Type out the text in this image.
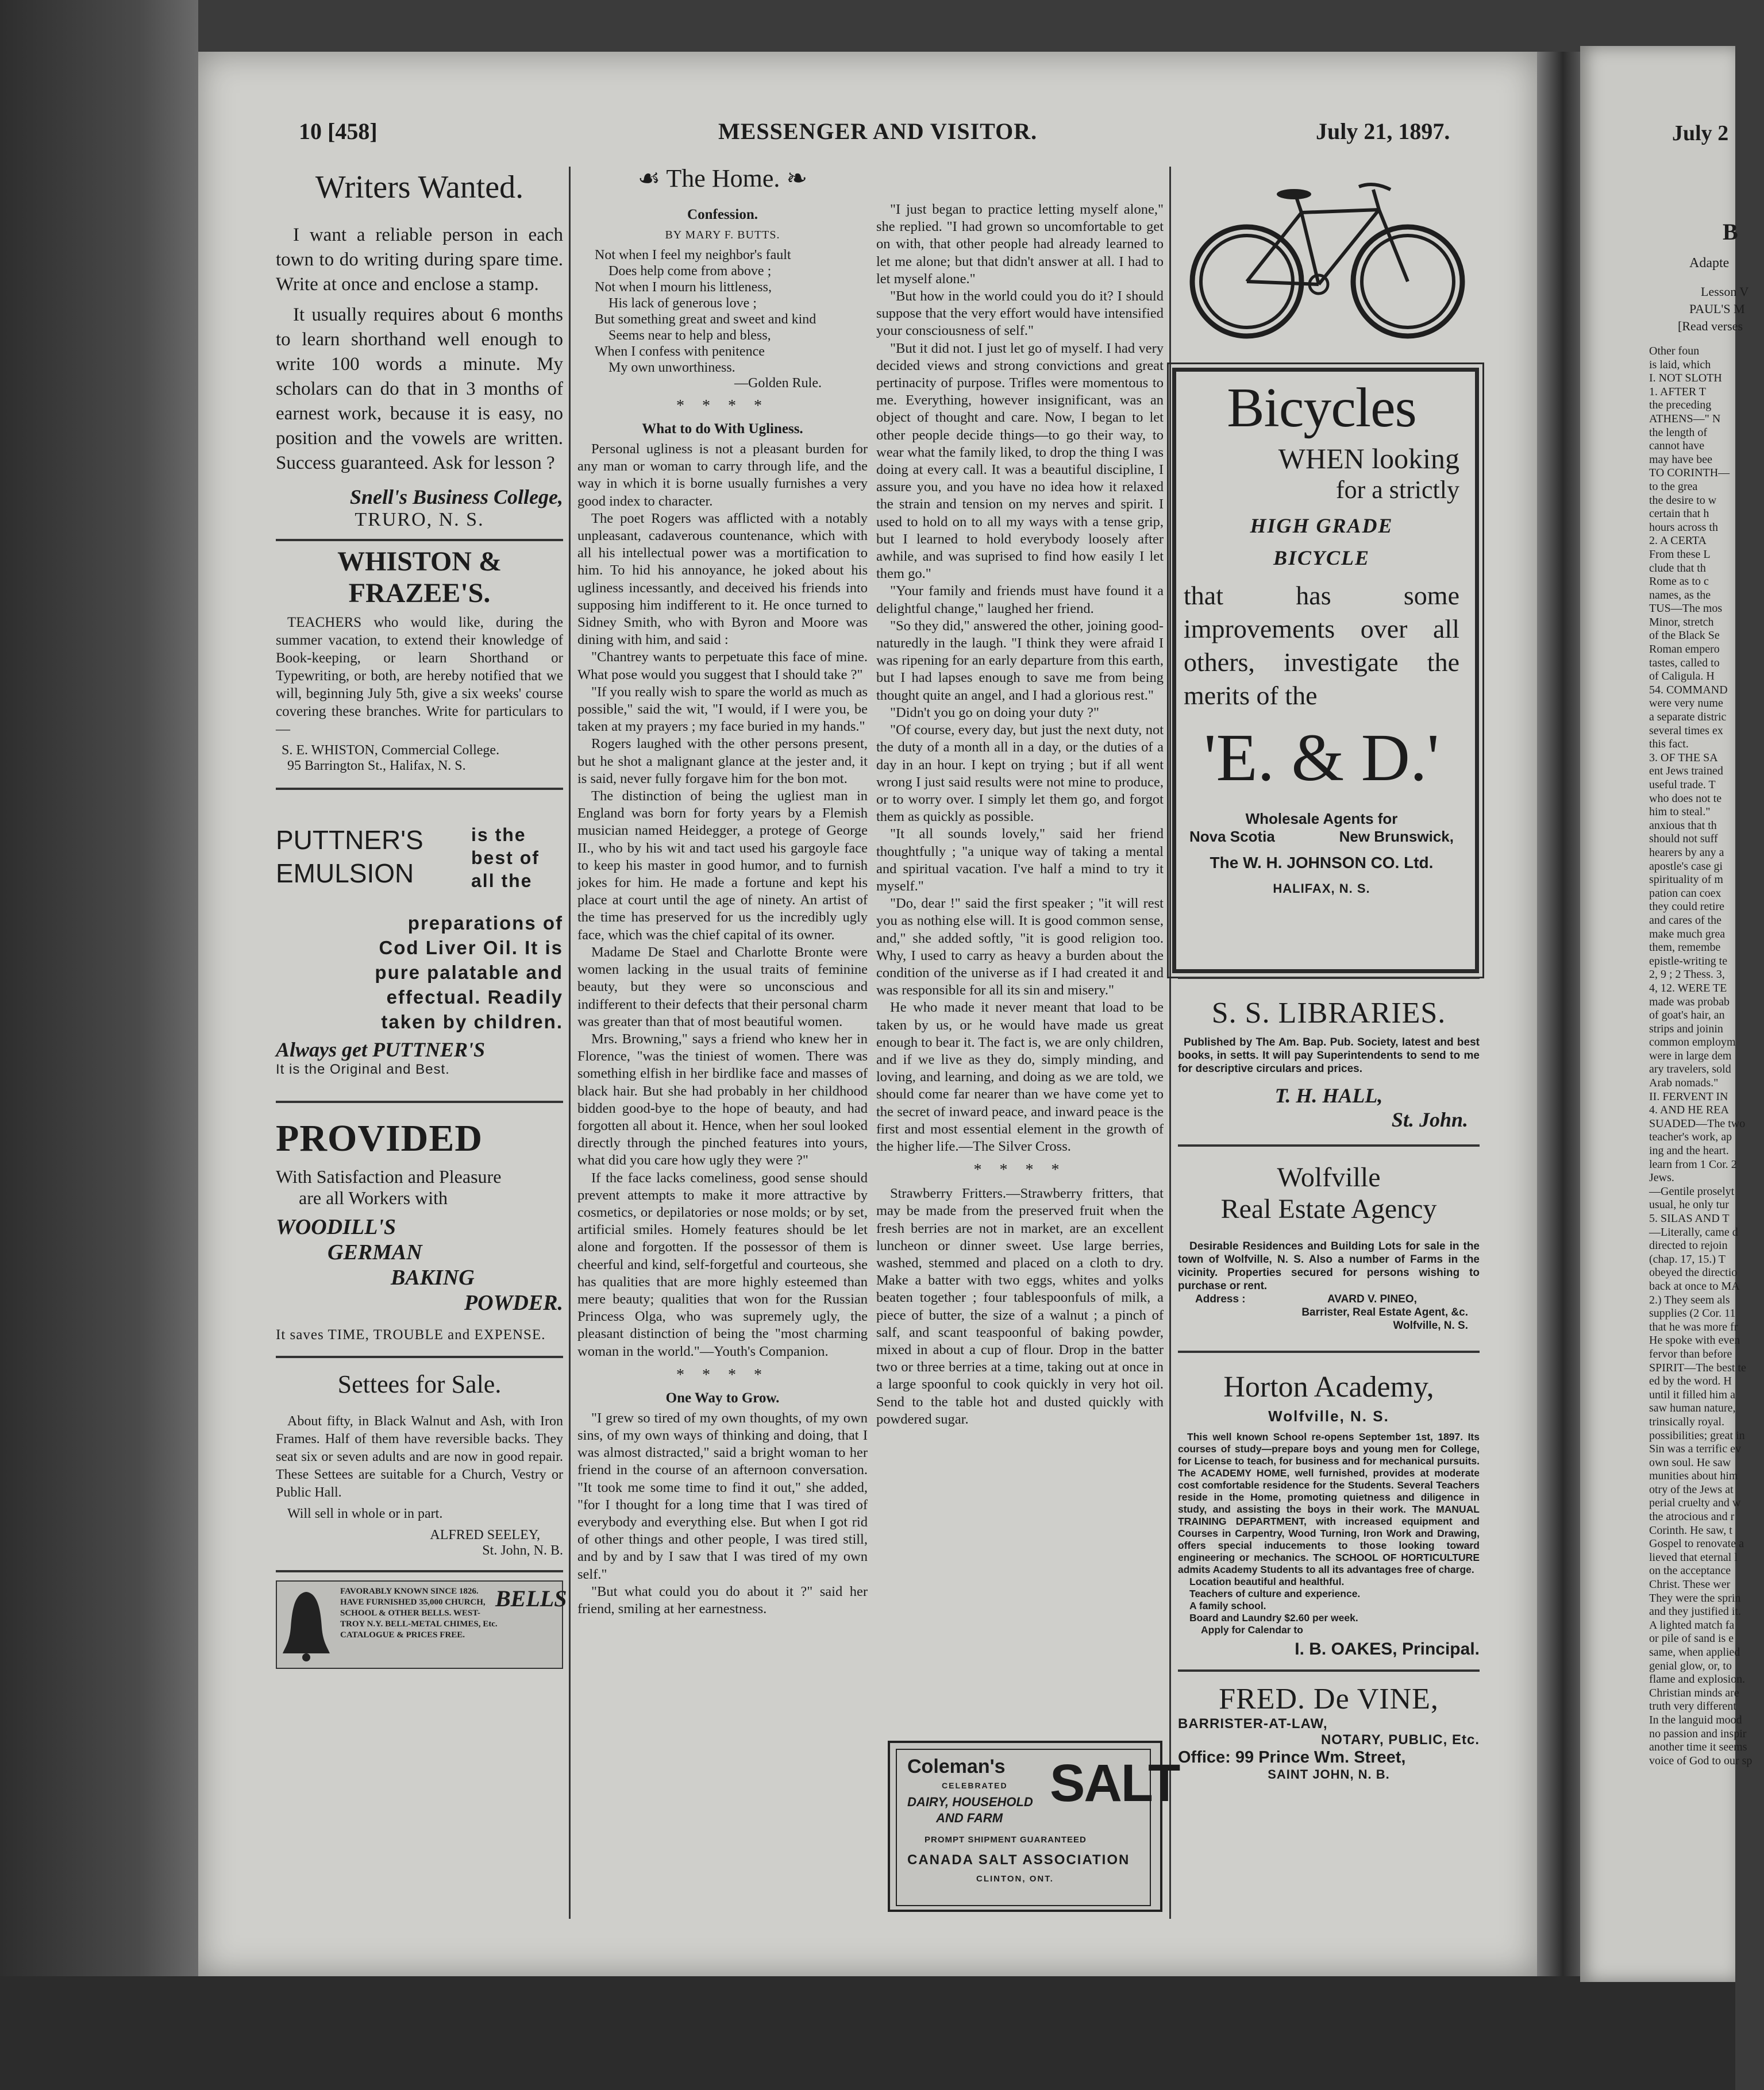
10 [458]	MESSENGER AND VISITOR.	July 21, 1897.
Writers Wanted.

I want a reliable person in each town to do writing during spare time. Write at once and enclose a stamp.

It usually requires about 6 months to learn shorthand well enough to write 100 words a minute. My scholars can do that in 3 months of earnest work, because it is easy, no position and the vowels are written. Success guaranteed. Ask for lesson ?

Snell's Business College,

TRURO, N. S.

WHISTON & FRAZEE'S.

TEACHERS who would like, during the summer vacation, to extend their knowledge of Book-keeping, or learn Shorthand or Typewriting, or both, are hereby notified that we will, beginning July 5th, give a six weeks' course covering these branches. Write for particulars to—

S. E. WHISTON, Commercial College.

95 Barrington St., Halifax, N. S.

PUTTNER'S
EMULSION
is the
best of
all the

preparations of Cod Liver Oil. It is pure palatable and effectual. Readily taken by children.

Always get PUTTNER'S

It is the Original and Best.

PROVIDED

With Satisfaction and Pleasure

are all Workers with

WOODILL'S

GERMAN

BAKING

POWDER.

It saves TIME, TROUBLE and EXPENSE.

Settees for Sale.

About fifty, in Black Walnut and Ash, with Iron Frames. Half of them have reversible backs. They seat six or seven adults and are now in good repair. These Settees are suitable for a Church, Vestry or Public Hall.

Will sell in whole or in part.

ALFRED SEELEY,

St. John, N. B.

FAVORABLY KNOWN SINCE 1826. HAVE FURNISHED 35,000 CHURCH, SCHOOL & OTHER BELLS. WEST-TROY N.Y. BELL-METAL CHIMES, Etc. CATALOGUE & PRICES FREE.
BELLS
☙ The Home. ❧
Confession.
BY MARY F. BUTTS.
Not when I feel my neighbor's fault
Does help come from above ;
Not when I mourn his littleness,
His lack of generous love ;
But something great and sweet and kind
Seems near to help and bless,
When I confess with penitence
My own unworthiness.
—Golden Rule.
* * * *
What to do With Ugliness.

Personal ugliness is not a pleasant burden for any man or woman to carry through life, and the way in which it is borne usually furnishes a very good index to character.

The poet Rogers was afflicted with a notably unpleasant, cadaverous countenance, which with all his intellectual power was a mortification to him. To hid his annoyance, he joked about his ugliness incessantly, and deceived his friends into supposing him indifferent to it. He once turned to Sidney Smith, who with Byron and Moore was dining with him, and said :

"Chantrey wants to perpetuate this face of mine. What pose would you suggest that I should take ?"

"If you really wish to spare the world as much as possible," said the wit, "I would, if I were you, be taken at my prayers ; my face buried in my hands."

Rogers laughed with the other persons present, but he shot a malignant glance at the jester and, it is said, never fully forgave him for the bon mot.

The distinction of being the ugliest man in England was born for forty years by a Flemish musician named Heidegger, a protege of George II., who by his wit and tact used his gargoyle face to keep his master in good humor, and to furnish jokes for him. He made a fortune and kept his place at court until the age of ninety. An artist of the time has preserved for us the incredibly ugly face, which was the chief capital of its owner.

Madame De Stael and Charlotte Bronte were women lacking in the usual traits of feminine beauty, but they were so unconscious and indifferent to their defects that their personal charm was greater than that of most beautiful women.

Mrs. Browning," says a friend who knew her in Florence, "was the tiniest of women. There was something elfish in her birdlike face and masses of black hair. But she had probably in her childhood bidden good-bye to the hope of beauty, and had forgotten all about it. Hence, when her soul looked directly through the pinched features into yours, what did you care how ugly they were ?"

If the face lacks comeliness, good sense should prevent attempts to make it more attractive by cosmetics, or depilatories or nose molds; or by set, artificial smiles. Homely features should be let alone and forgotten. If the possessor of them is cheerful and kind, self-forgetful and courteous, she has qualities that are more highly esteemed than mere beauty; qualities that won for the Russian Princess Olga, who was supremely ugly, the pleasant distinction of being the "most charming woman in the world."—Youth's Companion.

* * * *
One Way to Grow.

"I grew so tired of my own thoughts, of my own sins, of my own ways of thinking and doing, that I was almost distracted," said a bright woman to her friend in the course of an afternoon conversation. "It took me some time to find it out," she added, "for I thought for a long time that I was tired of everybody and everything else. But when I got rid of other things and other people, I was tired still, and by and by I saw that I was tired of my own self."

"But what could you do about it ?" said her friend, smiling at her earnestness.

"I just began to practice letting myself alone," she replied. "I had grown so uncomfortable to get on with, that other people had already learned to let me alone; but that didn't answer at all. I had to let myself alone."

"But how in the world could you do it? I should suppose that the very effort would have intensified your consciousness of self."

"But it did not. I just let go of myself. I had very decided views and strong convictions and great pertinacity of purpose. Trifles were momentous to me. Everything, however insignificant, was an object of thought and care. Now, I began to let other people decide things—to go their way, to wear what the family liked, to drop the thing I was doing at every call. It was a beautiful discipline, I assure you, and you have no idea how it relaxed the strain and tension on my nerves and spirit. I used to hold on to all my ways with a tense grip, but I learned to hold everybody loosely after awhile, and was suprised to find how easily I let them go."

"Your family and friends must have found it a delightful change," laughed her friend.

"So they did," answered the other, joining good-naturedly in the laugh. "I think they were afraid I was ripening for an early departure from this earth, but I had lapses enough to save me from being thought quite an angel, and I had a glorious rest."

"Didn't you go on doing your duty ?"

"Of course, every day, but just the next duty, not the duty of a month all in a day, or the duties of a day in an hour. I kept on trying ; but if all went wrong I just said results were not mine to produce, or to worry over. I simply let them go, and forgot them as quickly as possible.

"It all sounds lovely," said her friend thoughtfully ; "a unique way of taking a mental and spiritual vacation. I've half a mind to try it myself."

"Do, dear !" said the first speaker ; "it will rest you as nothing else will. It is good common sense, and," she added softly, "it is good religion too. Why, I used to carry as heavy a burden about the condition of the universe as if I had created it and was responsible for all its sin and misery."

He who made it never meant that load to be taken by us, or he would have made us great enough to bear it. The fact is, we are only children, and if we live as they do, simply minding, and loving, and learning, and doing as we are told, we should come far nearer than we have come yet to the secret of inward peace, and inward peace is the first and most essential element in the growth of the higher life.—The Silver Cross.

* * * *

Strawberry Fritters.—Strawberry fritters, that may be made from the preserved fruit when the fresh berries are not in market, are an excellent luncheon or dinner sweet. Use large berries, washed, stemmed and placed on a cloth to dry. Make a batter with two eggs, whites and yolks beaten together ; four tablespoonfuls of milk, a piece of butter, the size of a walnut ; a pinch of salf, and scant teaspoonful of baking powder, mixed in about a cup of flour. Drop in the batter two or three berries at a time, taking out at once in a large spoonful to cook quickly in very hot oil. Send to the table hot and dusted quickly with powdered sugar.

Coleman's
CELEBRATED
DAIRY, HOUSEHOLD
AND FARM
SALT
PROMPT SHIPMENT GUARANTEED
CANADA SALT ASSOCIATION
CLINTON, ONT.
Bicycles
WHEN looking
for a strictly
HIGH GRADE
BICYCLE
that has some improvements over all others, investigate the merits of the
'E. & D.'
Wholesale Agents for
Nova Scotia	New Brunswick,
The W. H. JOHNSON CO. Ltd.
HALIFAX, N. S.
S. S. LIBRARIES.

Published by The Am. Bap. Pub. Society, latest and best books, in setts. It will pay Superintendents to send to me for descriptive circulars and prices.

T. H. HALL,

St. John.

Wolfville
Real Estate Agency

Desirable Residences and Building Lots for sale in the town of Wolfville, N. S. Also a number of Farms in the vicinity. Properties secured for persons wishing to purchase or rent.

Address :	AVARD V. PINEO,

Barrister, Real Estate Agent, &c.

Wolfville, N. S.

Horton Academy,
Wolfville, N. S.

This well known School re-opens September 1st, 1897. Its courses of study—prepare boys and young men for College, for License to teach, for business and for mechanical pursuits. The ACADEMY HOME, well furnished, provides at moderate cost comfortable residence for the Students. Several Teachers reside in the Home, promoting quietness and diligence in study, and assisting the boys in their work. The MANUAL TRAINING DEPARTMENT, with increased equipment and Courses in Carpentry, Wood Turning, Iron Work and Drawing, offers special inducements to those looking toward engineering or mechanics. The SCHOOL OF HORTICULTURE admits Academy Students to all its advantages free of charge.

Location beautiful and healthful.
Teachers of culture and experience.
A family school.
Board and Laundry $2.60 per week.
Apply for Calendar to

I. B. OAKES, Principal.

FRED. De VINE,

BARRISTER-AT-LAW,

NOTARY, PUBLIC, Etc.

Office: 99 Prince Wm. Street,

SAINT JOHN, N. B.

July 2
B
Adapte
Lesson V
PAUL'S M
[Read verses
Other foun
is laid, which
I. NOT SLOTH
1. AFTER T
the preceding
ATHENS—" N
the length of
cannot have
may have bee
TO CORINTH—
to the grea
the desire to w
certain that h
hours across th
2. A CERTA
From these L
clude that th
Rome as to c
names, as the
TUS—The mos
Minor, stretch
of the Black Se
Roman empero
tastes, called to
of Caligula. H
54. COMMAND
were very nume
a separate distric
several times ex
this fact.
3. OF THE SA
ent Jews trained
useful trade. T
who does not te
him to steal."
anxious that th
should not suff
hearers by any a
apostle's case gi
spirituality of m
pation can coex
they could retire
and cares of the
make much grea
them, remembe
epistle-writing te
2, 9 ; 2 Thess. 3,
4, 12. WERE TE
made was probab
of goat's hair, an
strips and joinin
common employm
were in large dem
ary travelers, sold
Arab nomads."
II. FERVENT IN
4. AND HE REA
SUADED—The two
teacher's work, ap
ing and the heart.
learn from 1 Cor. 2
Jews.
—Gentile proselyt
usual, he only tur
5. SILAS AND T
—Literally, came d
directed to rejoin
(chap. 17, 15.) T
obeyed the directio
back at once to MA
2.) They seem als
supplies (2 Cor. 11
that he was more fr
He spoke with even
fervor than before
SPIRIT—The best te
ed by the word. H
until it filled him a
saw human nature,
trinsically royal.
possibilities; great in
Sin was a terrific ev
own soul. He saw
munities about him
otry of the Jews at
perial cruelty and w
the atrocious and r
Corinth. He saw, t
Gospel to renovate a
lieved that eternal l
on the acceptance
Christ. These wer
They were the sprin
and they justified it.
A lighted match fa
or pile of sand is e
same, when applied
genial glow, or, to
flame and explosion.
Christian minds are
truth very different
In the languid mood
no passion and inspir
another time it seems
voice of God to our sp
